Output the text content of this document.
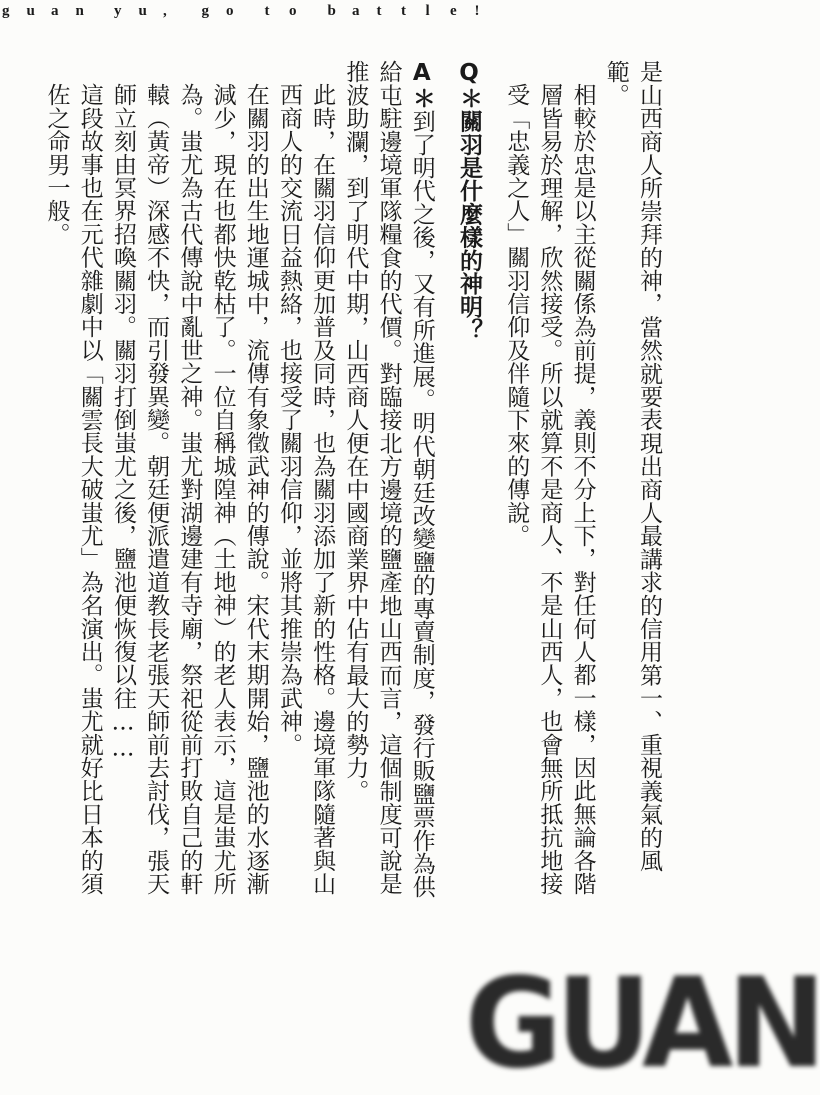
g	u	a	n	y	u	,	g	o	t	o	b	a	t	t	l	e	!

是山西商人所崇拜的神，當然就要表現出商人最講求的信用第一、重視義氣的風範。

相較於忠是以主從關係為前提，義則不分上下，對任何人都一樣，因此無論各階層皆易於理解，欣然接受。所以就算不是商人、不是山西人，也會無所抵抗地接受「忠義之人」關羽信仰及伴隨下來的傳說。

Q＊關羽是什麼樣的神明？

A＊到了明代之後，又有所進展。明代朝廷改變鹽的專賣制度，發行販鹽票作為供給屯駐邊境軍隊糧食的代價。對臨接北方邊境的鹽產地山西而言，這個制度可說是推波助瀾，到了明代中期，山西商人便在中國商業界中佔有最大的勢力。

此時，在關羽信仰更加普及同時，也為關羽添加了新的性格。邊境軍隊隨著與山西商人的交流日益熱絡，也接受了關羽信仰，並將其推崇為武神。

在關羽的出生地運城中，流傳有象徵武神的傳說。宋代末期開始，鹽池的水逐漸減少，現在也都快乾枯了。一位自稱城隍神（土地神）的老人表示，這是蚩尤所為。蚩尤為古代傳說中亂世之神。蚩尤對湖邊建有寺廟，祭祀從前打敗自己的軒轅（黃帝）深感不快，而引發異變。朝廷便派遣道教長老張天師前去討伐，張天師立刻由冥界招喚關羽。關羽打倒蚩尤之後，鹽池便恢復以往……

這段故事也在元代雜劇中以「關雲長大破蚩尤」為名演出。蚩尤就好比日本的須佐之命男一般。

GUAN
